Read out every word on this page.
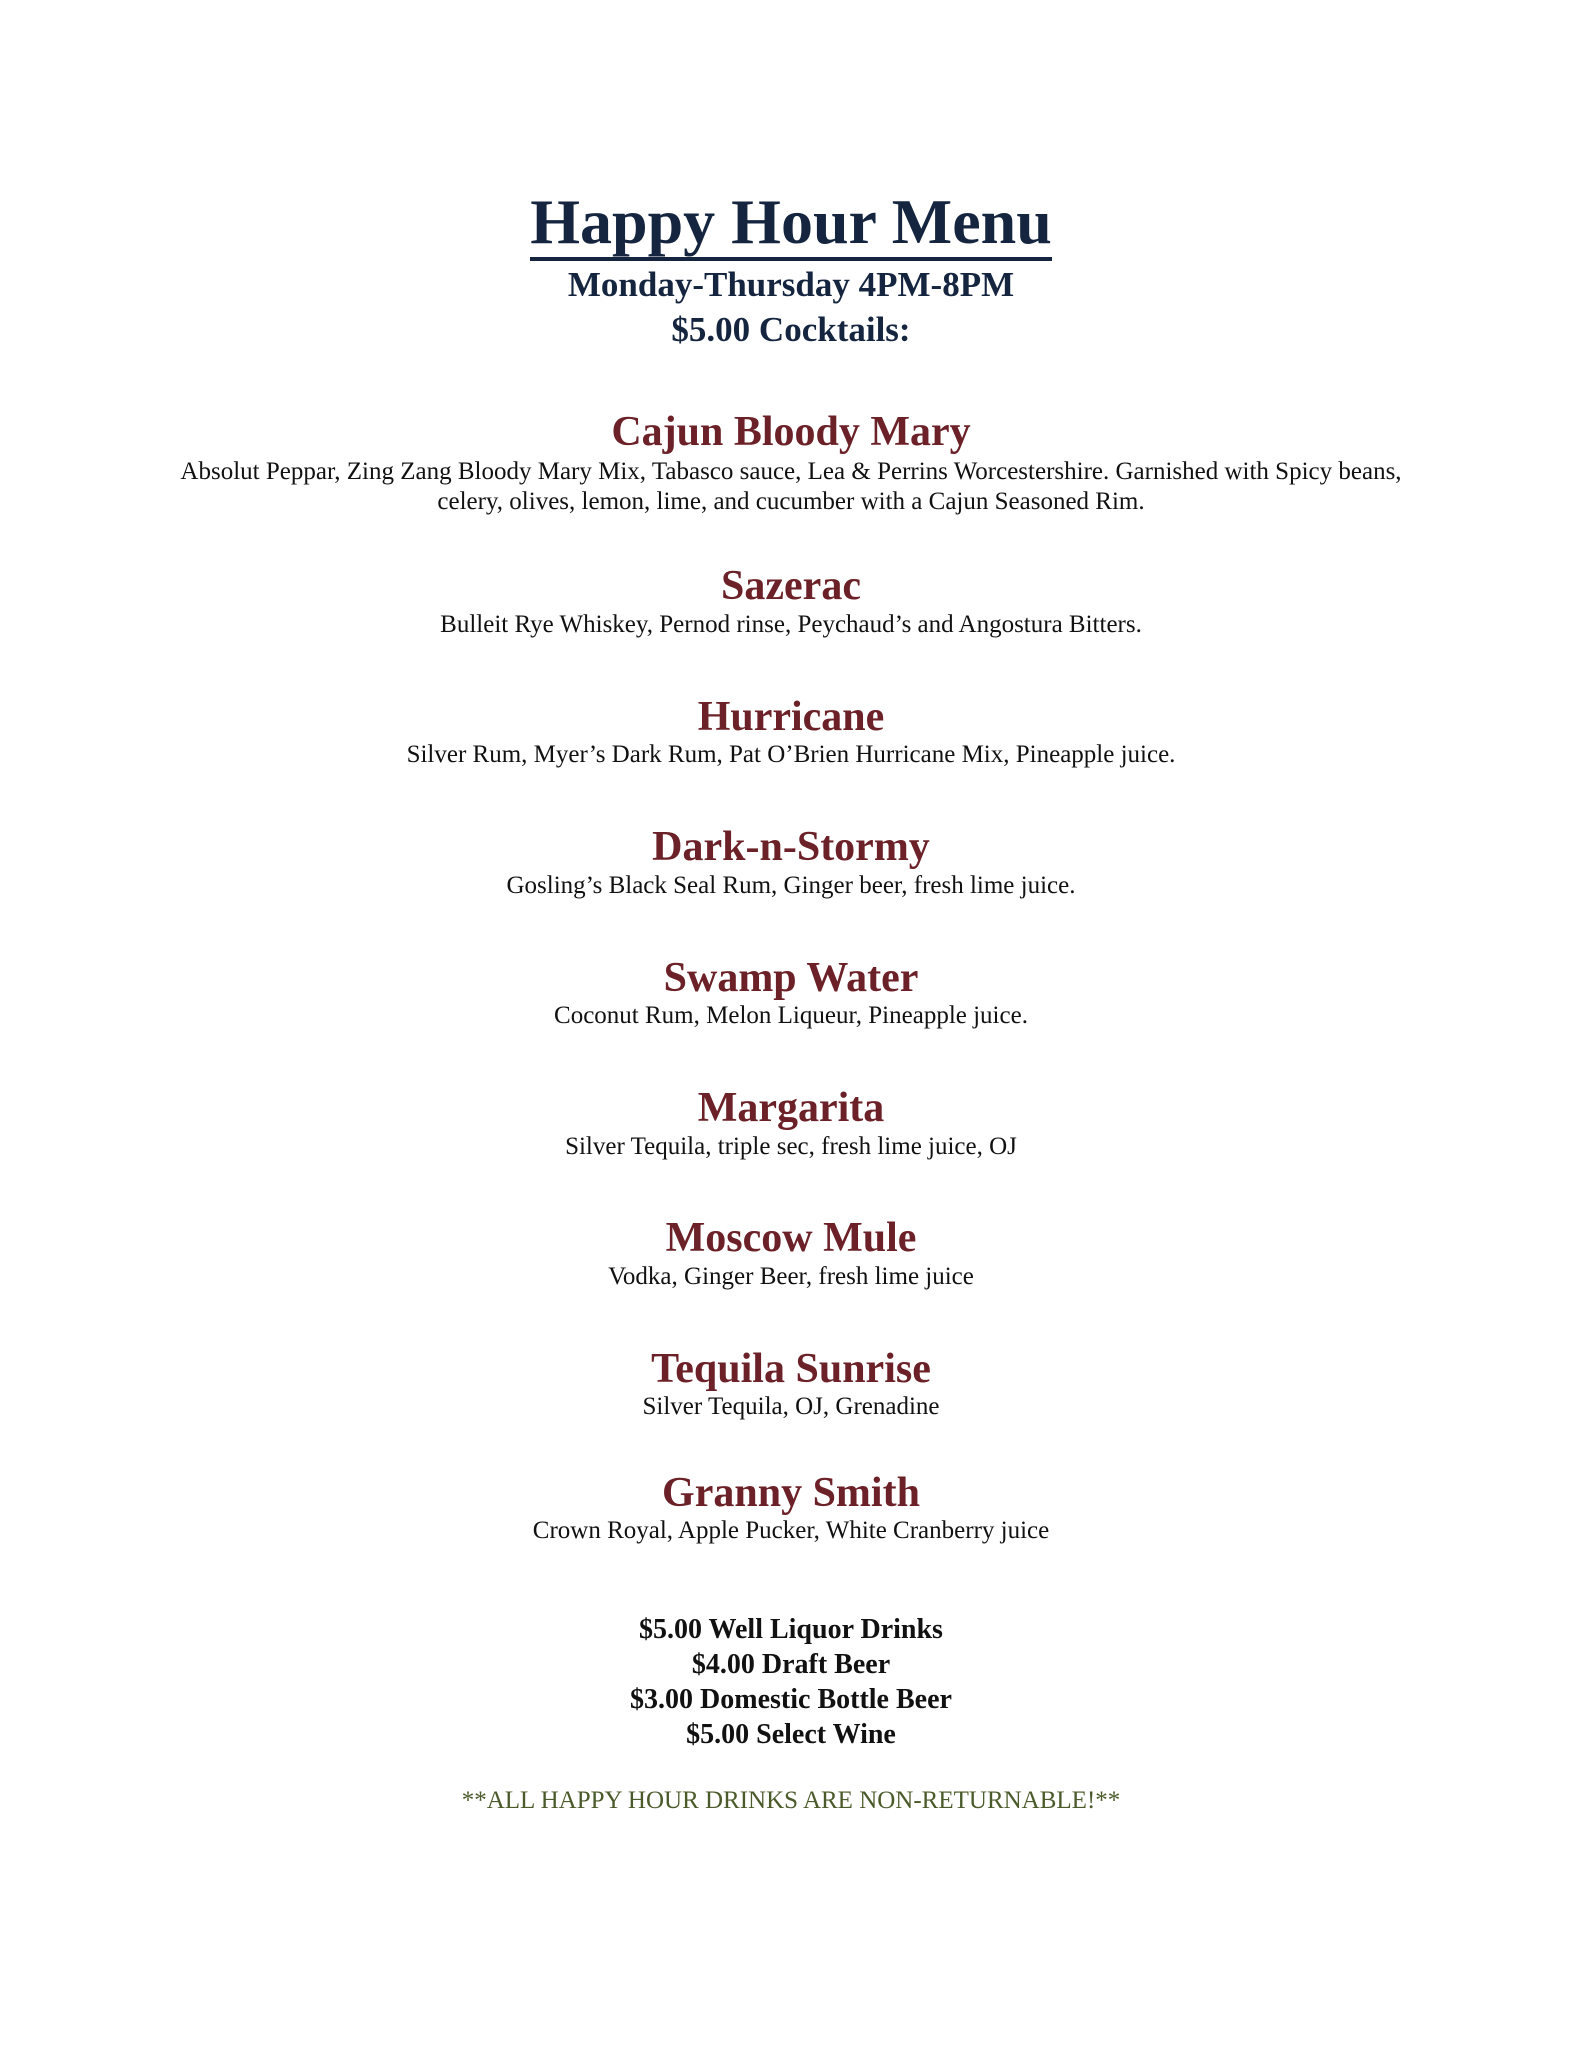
Happy Hour Menu
Monday-Thursday 4PM-8PM
$5.00 Cocktails:
Cajun Bloody Mary
Absolut Peppar, Zing Zang Bloody Mary Mix, Tabasco sauce, Lea & Perrins Worcestershire. Garnished with Spicy beans, celery, olives, lemon, lime, and cucumber with a Cajun Seasoned Rim.
Sazerac
Bulleit Rye Whiskey, Pernod rinse, Peychaud’s and Angostura Bitters.
Hurricane
Silver Rum, Myer’s Dark Rum, Pat O’Brien Hurricane Mix, Pineapple juice.
Dark-n-Stormy
Gosling’s Black Seal Rum, Ginger beer, fresh lime juice.
Swamp Water
Coconut Rum, Melon Liqueur, Pineapple juice.
Margarita
Silver Tequila, triple sec, fresh lime juice, OJ
Moscow Mule
Vodka, Ginger Beer, fresh lime juice
Tequila Sunrise
Silver Tequila, OJ, Grenadine
Granny Smith
Crown Royal, Apple Pucker, White Cranberry juice
$5.00 Well Liquor Drinks
$4.00 Draft Beer
$3.00 Domestic Bottle Beer
$5.00 Select Wine
**ALL HAPPY HOUR DRINKS ARE NON-RETURNABLE!**
